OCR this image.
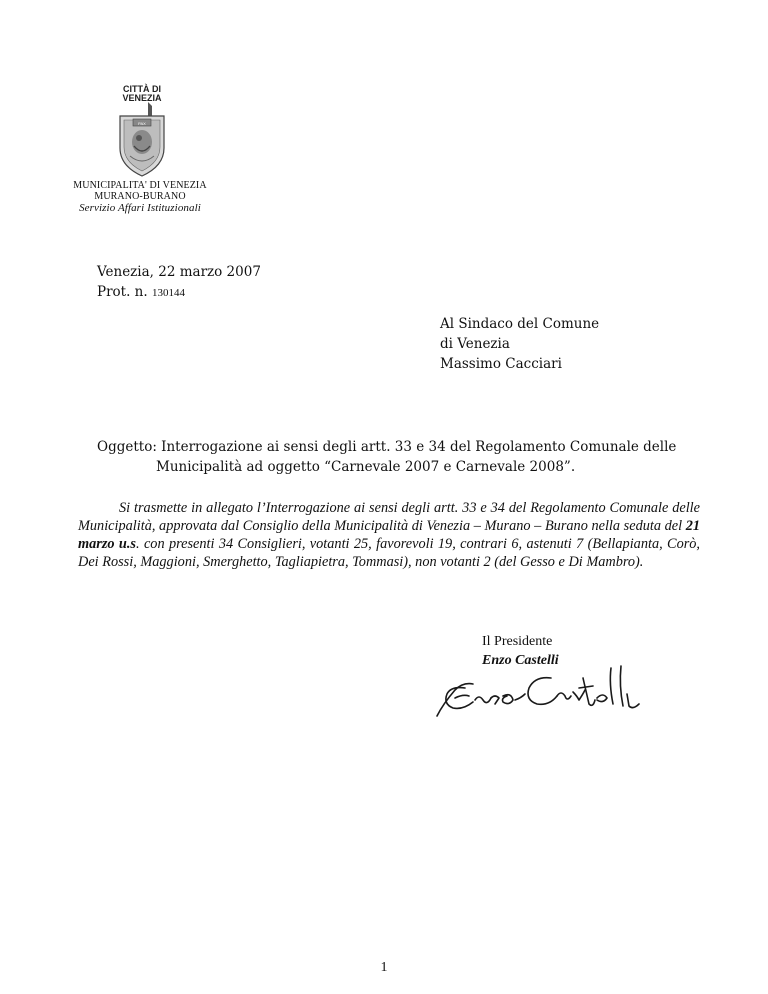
CITTÀ DI
VENEZIA
PAX
MUNICIPALITA' DI VENEZIA
MURANO-BURANO
Servizio Affari Istituzionali
Venezia, 22 marzo 2007
Prot. n. 130144
Al Sindaco del Comune
di Venezia
Massimo Cacciari
Oggetto: Interrogazione ai sensi degli artt. 33 e 34 del Regolamento Comunale delle
Municipalità ad oggetto “Carnevale 2007 e Carnevale 2008”.
Si trasmette in allegato l’Interrogazione ai sensi degli artt. 33 e 34 del Regolamento Comunale delle Municipalità, approvata dal Consiglio della Municipalità di Venezia – Murano – Burano nella seduta del 21 marzo u.s. con presenti 34 Consiglieri, votanti 25, favorevoli 19, contrari 6, astenuti 7 (Bellapianta, Corò, Dei Rossi, Maggioni, Smerghetto, Tagliapietra, Tommasi), non votanti 2 (del Gesso e Di Mambro).
Il Presidente
Enzo Castelli
1
